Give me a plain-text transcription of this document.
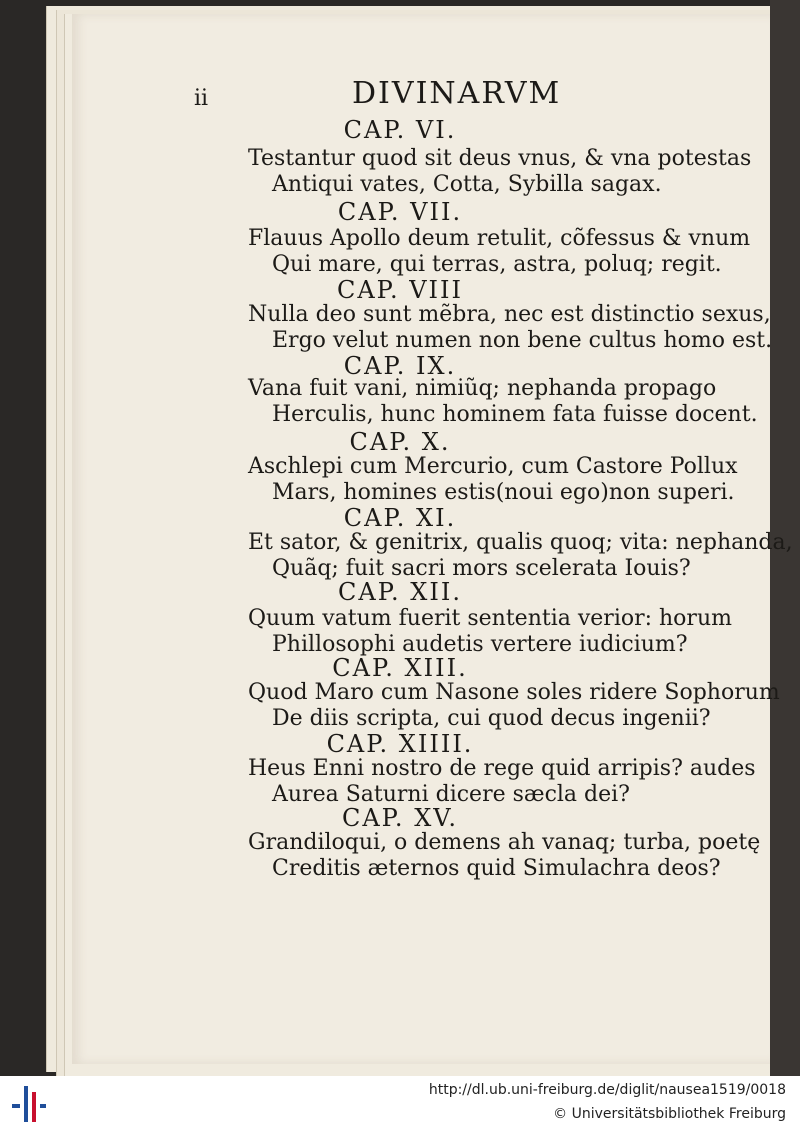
ii	DIVINARVM
CAP. VI.
Testantur quod sit deus vnus, & vna potestas
Antiqui vates, Cotta, Sybilla sagax.
CAP. VII.
Flauus Apollo deum retulit, cõfessus & vnum
Qui mare, qui terras, astra, poluq; regit.
CAP. VIII
Nulla deo sunt mẽbra, nec est distinctio sexus,
Ergo velut numen non bene cultus homo est.
CAP. IX.
Vana fuit vani, nimiũq; nephanda propago
Herculis, hunc hominem fata fuisse docent.
CAP. X.
Aschlepi cum Mercurio, cum Castore Pollux
Mars, homines estis(noui ego)non superi.
CAP. XI.
Et sator, & genitrix, qualis quoq; vita: nephanda,
Quãq; fuit sacri mors scelerata Iouis?
CAP. XII.
Quum vatum fuerit sententia verior: horum
Phillosophi audetis vertere iudicium?
CAP. XIII.
Quod Maro cum Nasone soles ridere Sophorum
De diis scripta, cui quod decus ingenii?
CAP. XIIII.
Heus Enni nostro de rege quid arripis? audes
Aurea Saturni dicere sæcla dei?
CAP. XV.
Grandiloqui, o demens ah vanaq; turba, poetę
Creditis æternos quid Simulachra deos?
http://dl.ub.uni-freiburg.de/diglit/nausea1519/0018
© Universitätsbibliothek Freiburg
